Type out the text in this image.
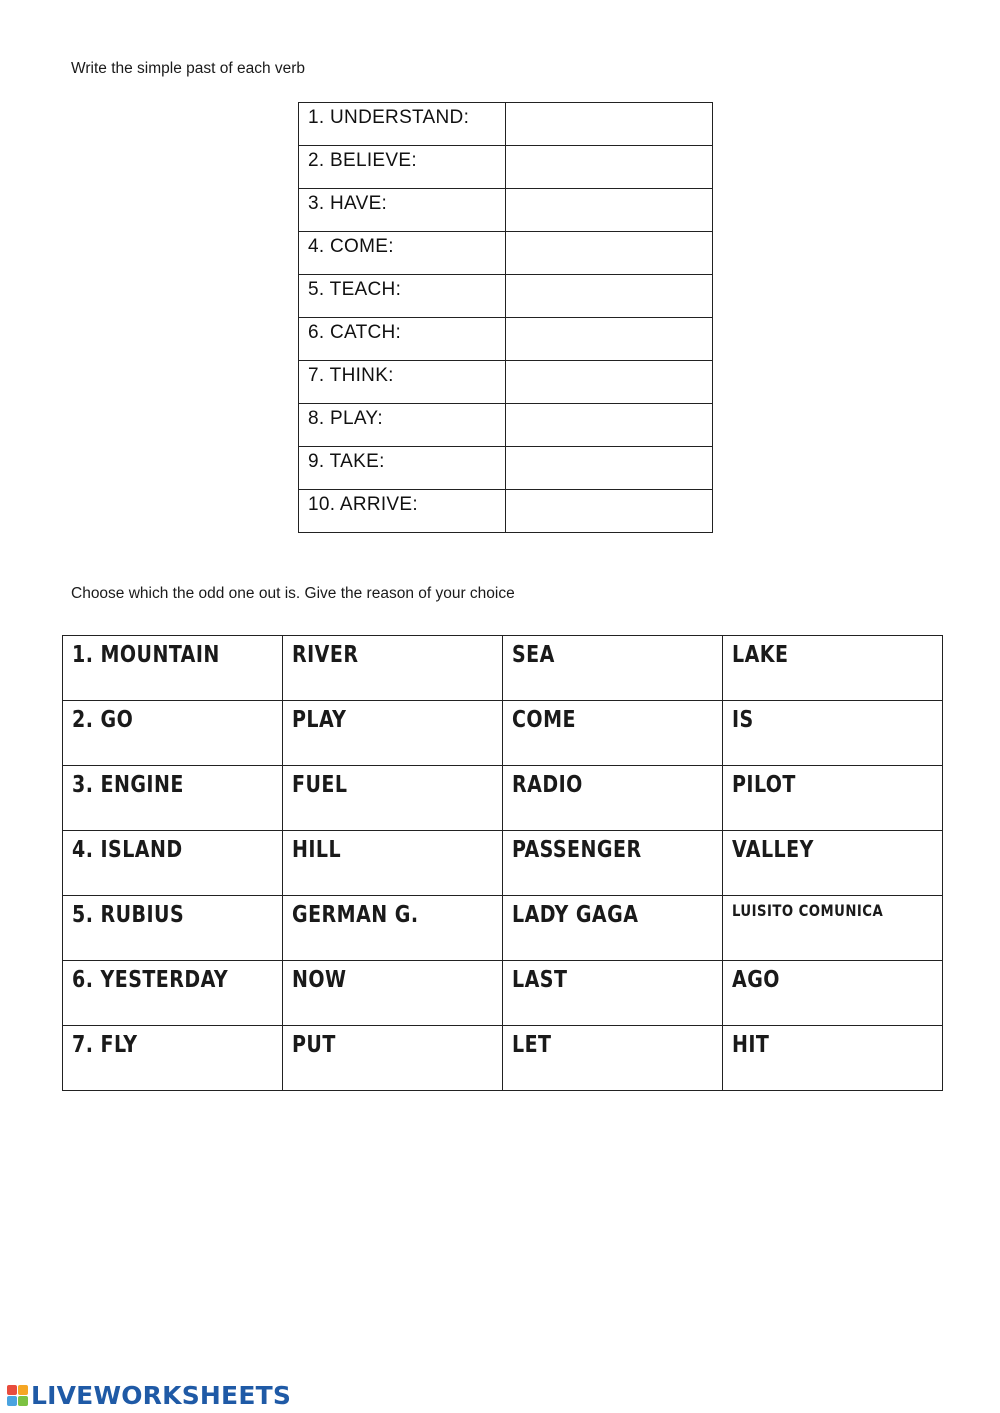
Write the simple past of each verb

1. UNDERSTAND:	
2. BELIEVE:	
3. HAVE:	
4. COME:	
5. TEACH:	
6. CATCH:	
7. THINK:	
8. PLAY:	
9. TAKE:	
10. ARRIVE:	

Choose which the odd one out is. Give the reason of your choice

1. MOUNTAIN	RIVER	SEA	LAKE
2. GO	PLAY	COME	IS
3. ENGINE	FUEL	RADIO	PILOT
4. ISLAND	HILL	PASSENGER	VALLEY
5. RUBIUS	GERMAN G.	LADY GAGA	LUISITO COMUNICA
6. YESTERDAY	NOW	LAST	AGO
7. FLY	PUT	LET	HIT
LIVEWORKSHEETS
